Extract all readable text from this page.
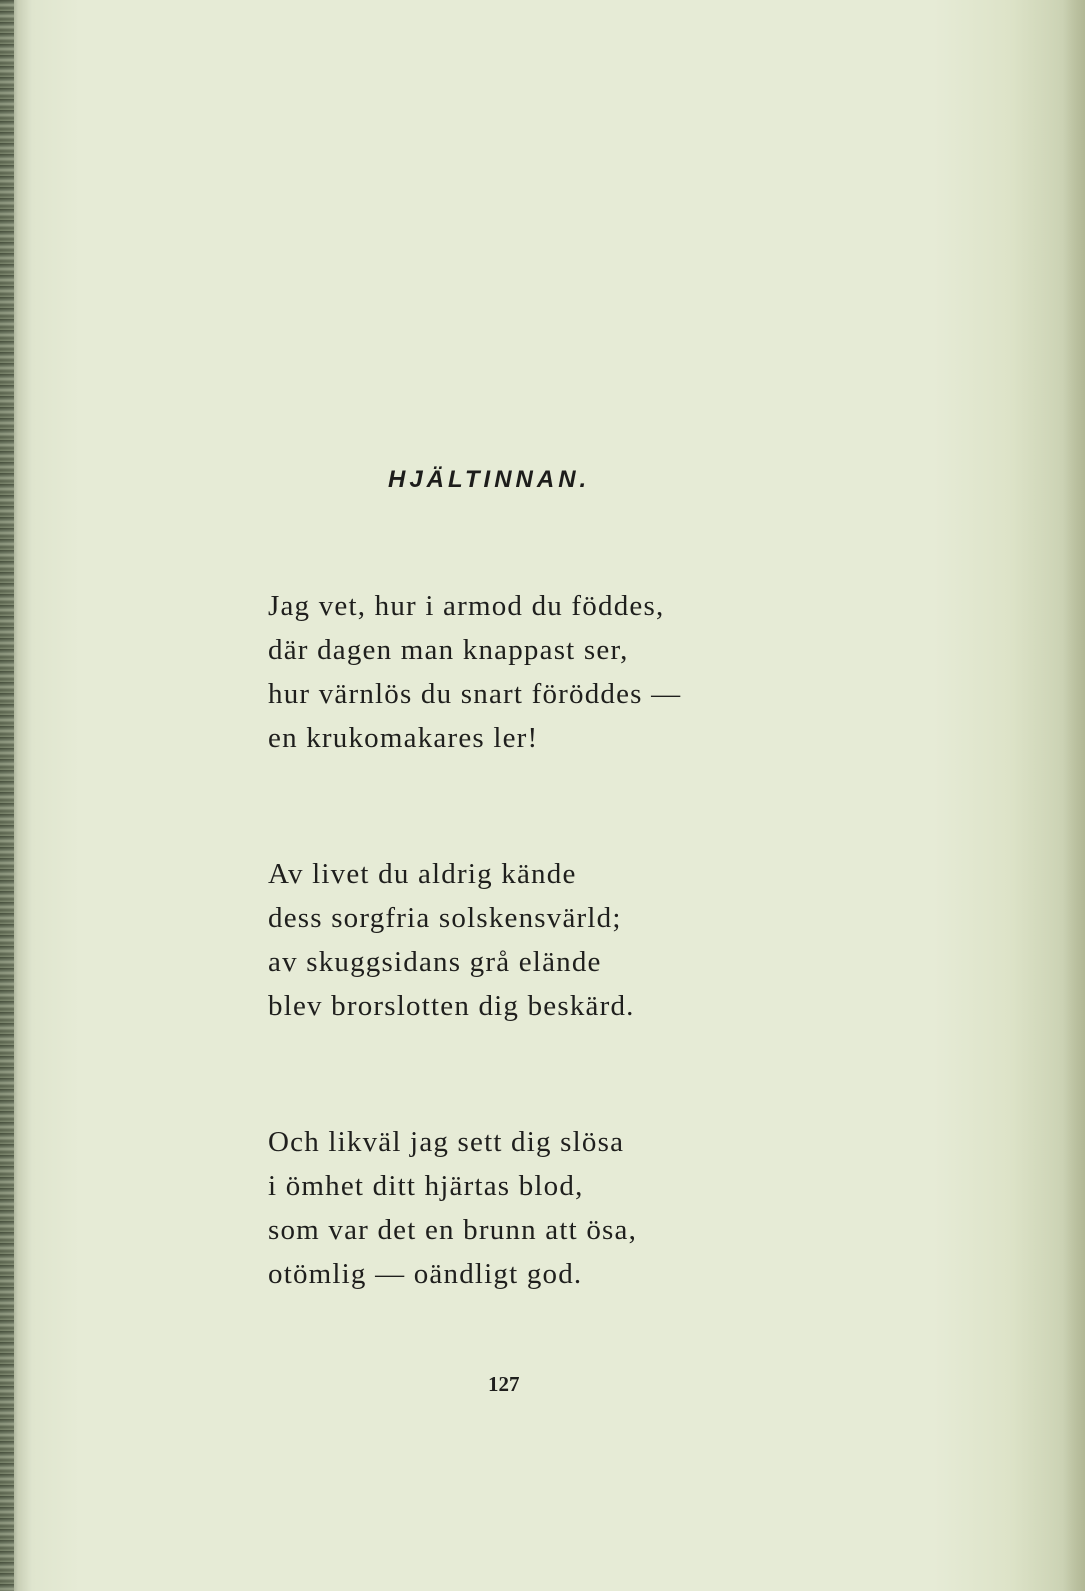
HJÄLTINNAN.
Jag vet, hur i armod du föddes,
där dagen man knappast ser,
hur värnlös du snart föröddes —
en krukomakares ler!
Av livet du aldrig kände
dess sorgfria solskensvärld;
av skuggsidans grå elände
blev brorslotten dig beskärd.
Och likväl jag sett dig slösa
i ömhet ditt hjärtas blod,
som var det en brunn att ösa,
otömlig — oändligt god.

127
